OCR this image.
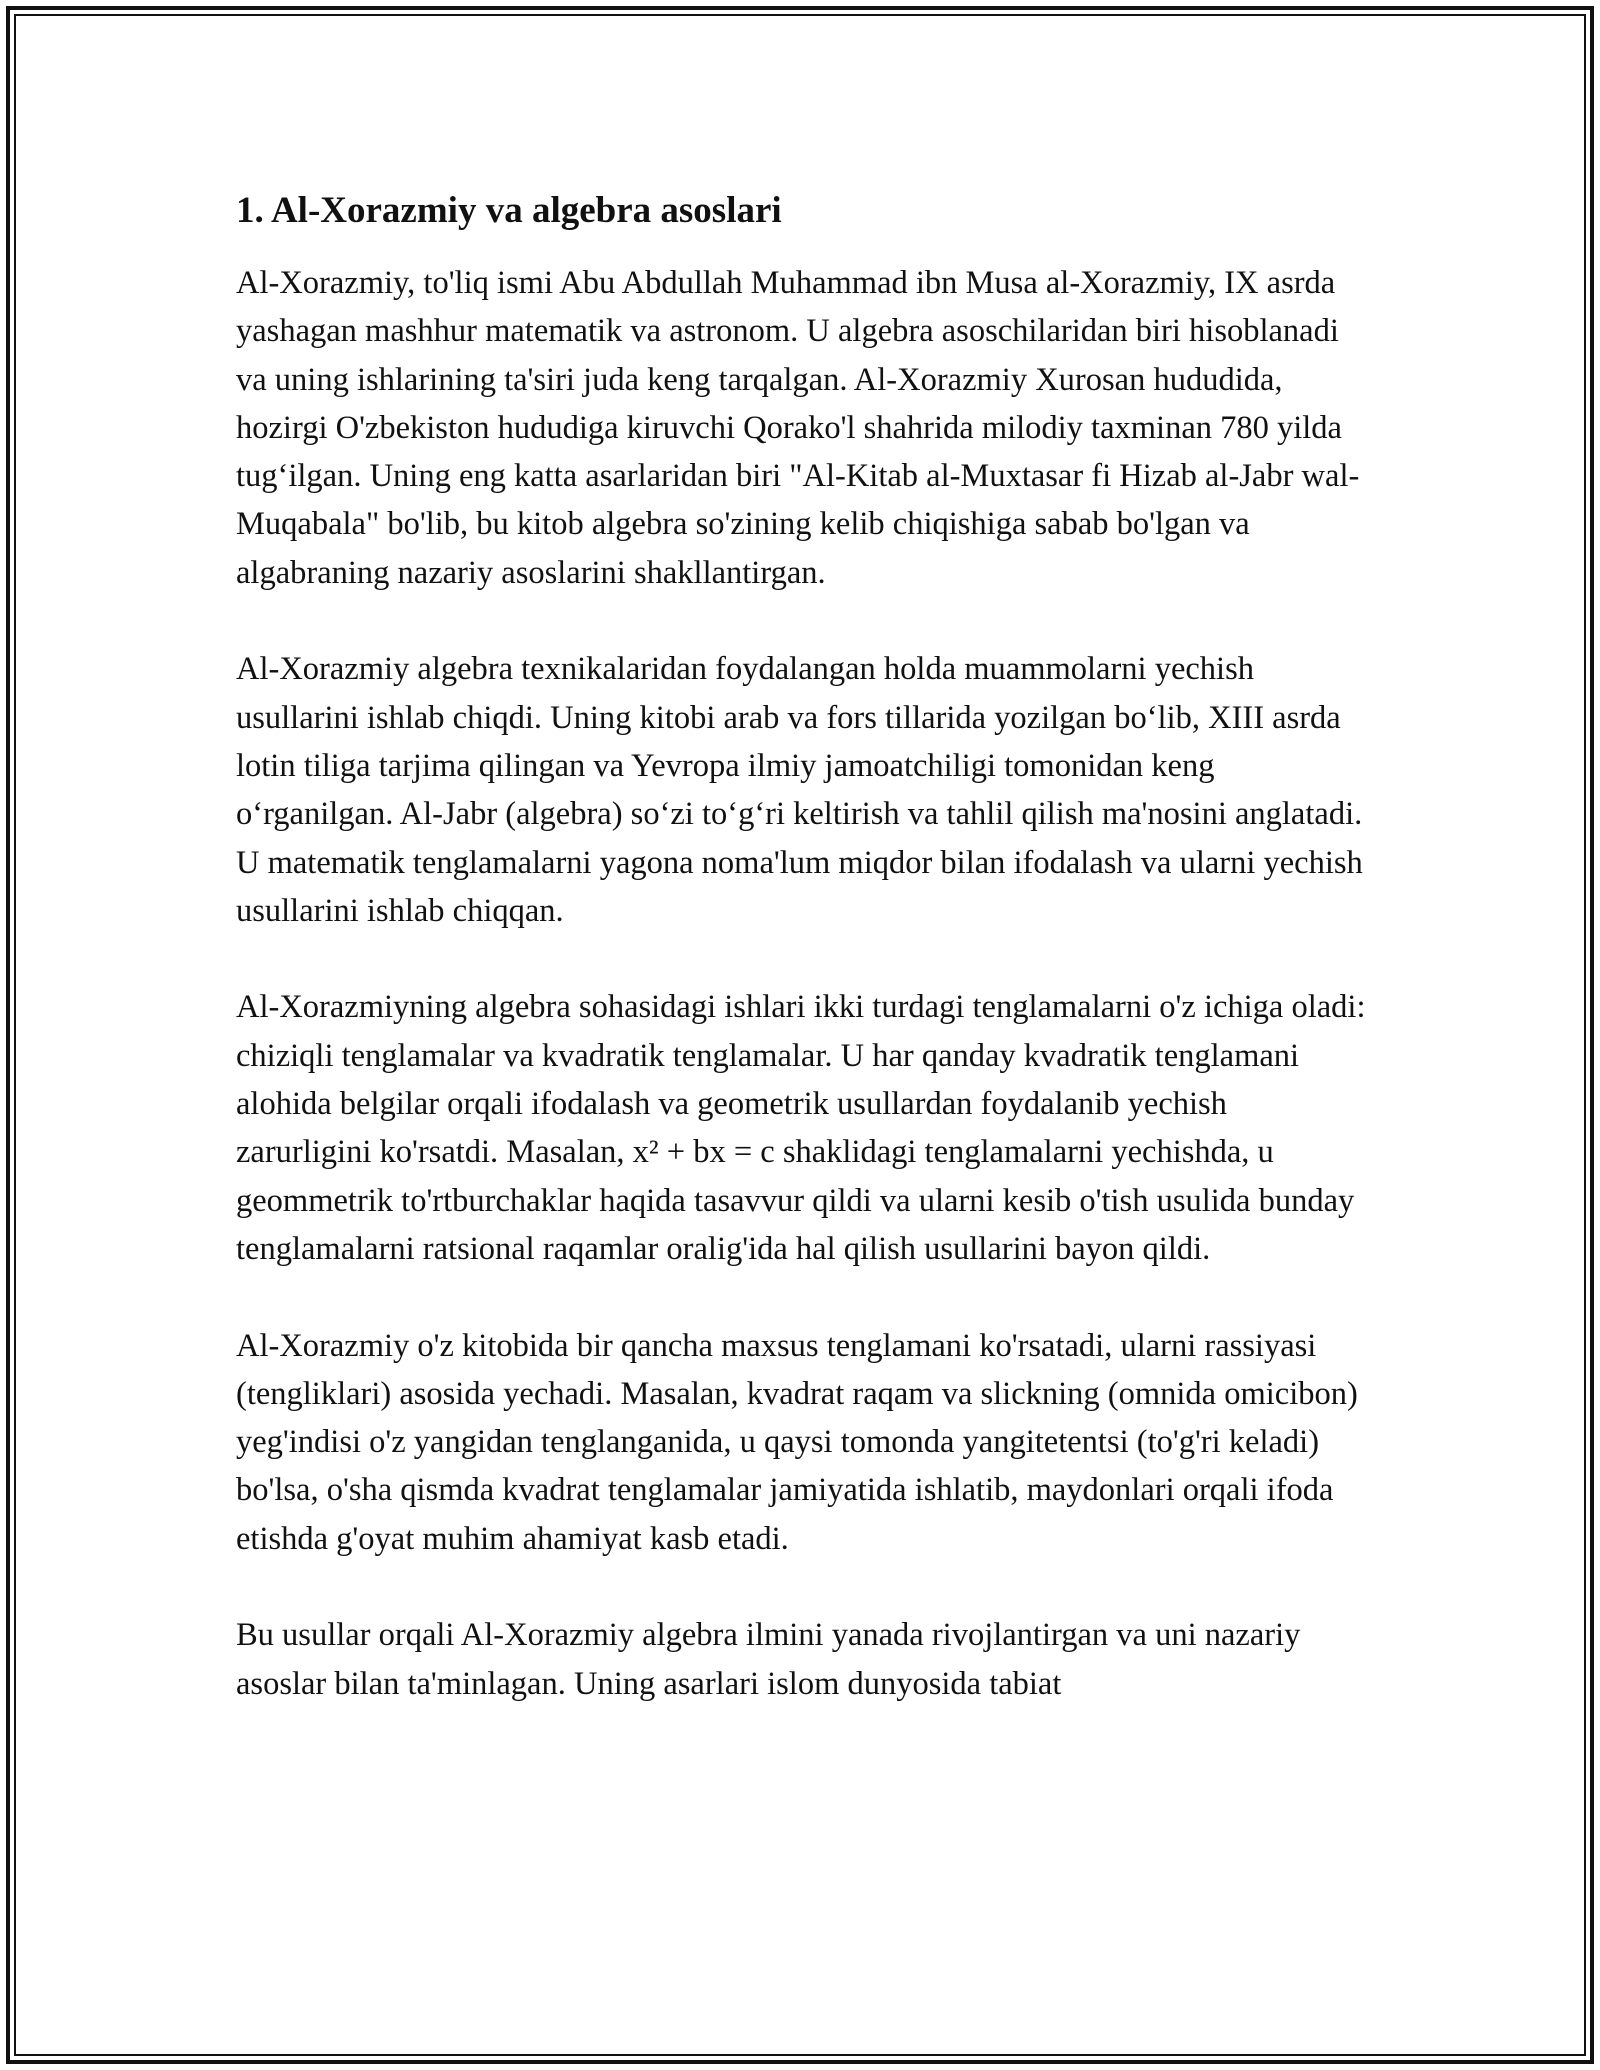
1. Al-Xorazmiy va algebra asoslari

Al-Xorazmiy, to'liq ismi Abu Abdullah Muhammad ibn Musa al-Xorazmiy, IX asrda yashagan mashhur matematik va astronom. U algebra asoschilaridan biri hisoblanadi va uning ishlarining ta'siri juda keng tarqalgan. Al-Xorazmiy Xurosan hududida, hozirgi O'zbekiston hududiga kiruvchi Qorako'l shahrida milodiy taxminan 780 yilda tug‘ilgan. Uning eng katta asarlaridan biri "Al-Kitab al-Muxtasar fi Hizab al-Jabr wal-Muqabala" bo'lib, bu kitob algebra so'zining kelib chiqishiga sabab bo'lgan va algabraning nazariy asoslarini shakllantirgan.

Al-Xorazmiy algebra texnikalaridan foydalangan holda muammolarni yechish usullarini ishlab chiqdi. Uning kitobi arab va fors tillarida yozilgan bo‘lib, XIII asrda lotin tiliga tarjima qilingan va Yevropa ilmiy jamoatchiligi tomonidan keng o‘rganilgan. Al-Jabr (algebra) so‘zi to‘g‘ri keltirish va tahlil qilish ma'nosini anglatadi. U matematik tenglamalarni yagona noma'lum miqdor bilan ifodalash va ularni yechish usullarini ishlab chiqqan.

Al-Xorazmiyning algebra sohasidagi ishlari ikki turdagi tenglamalarni o'z ichiga oladi: chiziqli tenglamalar va kvadratik tenglamalar. U har qanday kvadratik tenglamani alohida belgilar orqali ifodalash va geometrik usullardan foydalanib yechish zarurligini ko'rsatdi. Masalan, x² + bx = c shaklidagi tenglamalarni yechishda, u geommetrik to'rtburchaklar haqida tasavvur qildi va ularni kesib o'tish usulida bunday tenglamalarni ratsional raqamlar oralig'ida hal qilish usullarini bayon qildi.

Al-Xorazmiy o'z kitobida bir qancha maxsus tenglamani ko'rsatadi, ularni rassiyasi (tengliklari) asosida yechadi. Masalan, kvadrat raqam va slickning (omnida omicibon) yeg'indisi o'z yangidan tenglanganida, u qaysi tomonda yangitetentsi (to'g'ri keladi) bo'lsa, o'sha qismda kvadrat tenglamalar jamiyatida ishlatib, maydonlari orqali ifoda etishda g'oyat muhim ahamiyat kasb etadi.

Bu usullar orqali Al-Xorazmiy algebra ilmini yanada rivojlantirgan va uni nazariy asoslar bilan ta'minlagan. Uning asarlari islom dunyosida tabiat
